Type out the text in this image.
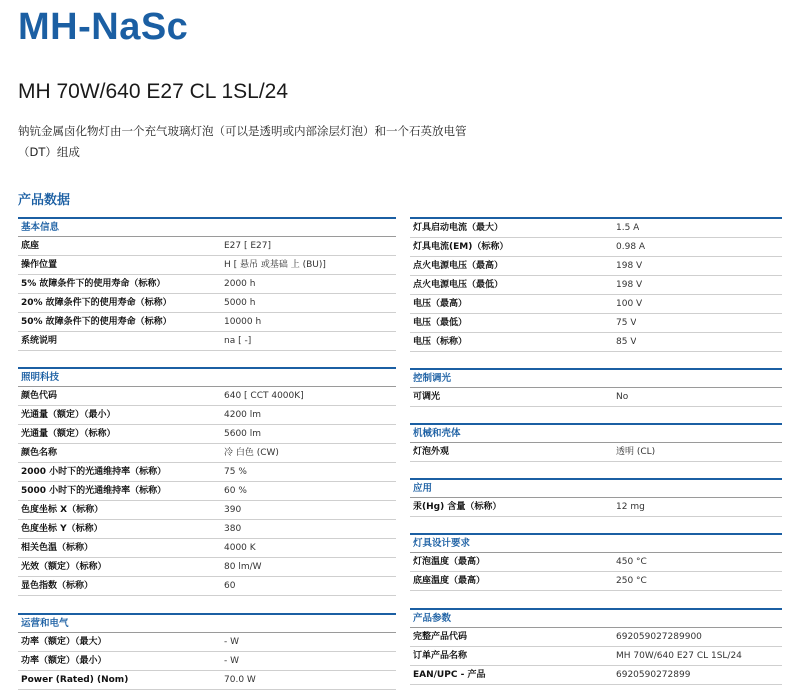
MH-NaSc
MH 70W/640 E27 CL 1SL/24
钠钪金属卤化物灯由一个充气玻璃灯泡（可以是透明或内部涂层灯泡）和一个石英放电管
（DT）组成
产品数据
基本信息
底座	E27 [ E27]
操作位置	H [ 悬吊 或基础 上 (BU)]
5% 故障条件下的使用寿命（标称）	2000 h
20% 故障条件下的使用寿命（标称）	5000 h
50% 故障条件下的使用寿命（标称）	10000 h
系统说明	na [ -]
照明科技
颜色代码	640 [ CCT 4000K]
光通量（额定）（最小）	4200 lm
光通量（额定）（标称）	5600 lm
颜色名称	冷 白色 (CW)
2000 小时下的光通维持率（标称）	75 %
5000 小时下的光通维持率（标称）	60 %
色度坐标 X（标称）	390
色度坐标 Y（标称）	380
相关色温（标称）	4000 K
光效（额定）（标称）	80 lm/W
显色指数（标称）	60
运营和电气
功率（额定）（最大）	- W
功率（额定）（最小）	- W
Power (Rated) (Nom)	70.0 W
灯具启动电流（最大）	1.5 A
灯具电流(EM)（标称）	0.98 A
点火电源电压（最高）	198 V
点火电源电压（最低）	198 V
电压（最高）	100 V
电压（最低）	75 V
电压（标称）	85 V
控制调光
可调光	No
机械和壳体
灯泡外观	透明 (CL)
应用
汞(Hg) 含量（标称）	12 mg
灯具设计要求
灯泡温度（最高）	450 °C
底座温度（最高）	250 °C
产品参数
完整产品代码	692059027289900
订单产品名称	MH 70W/640 E27 CL 1SL/24
EAN/UPC - 产品	6920590272899
